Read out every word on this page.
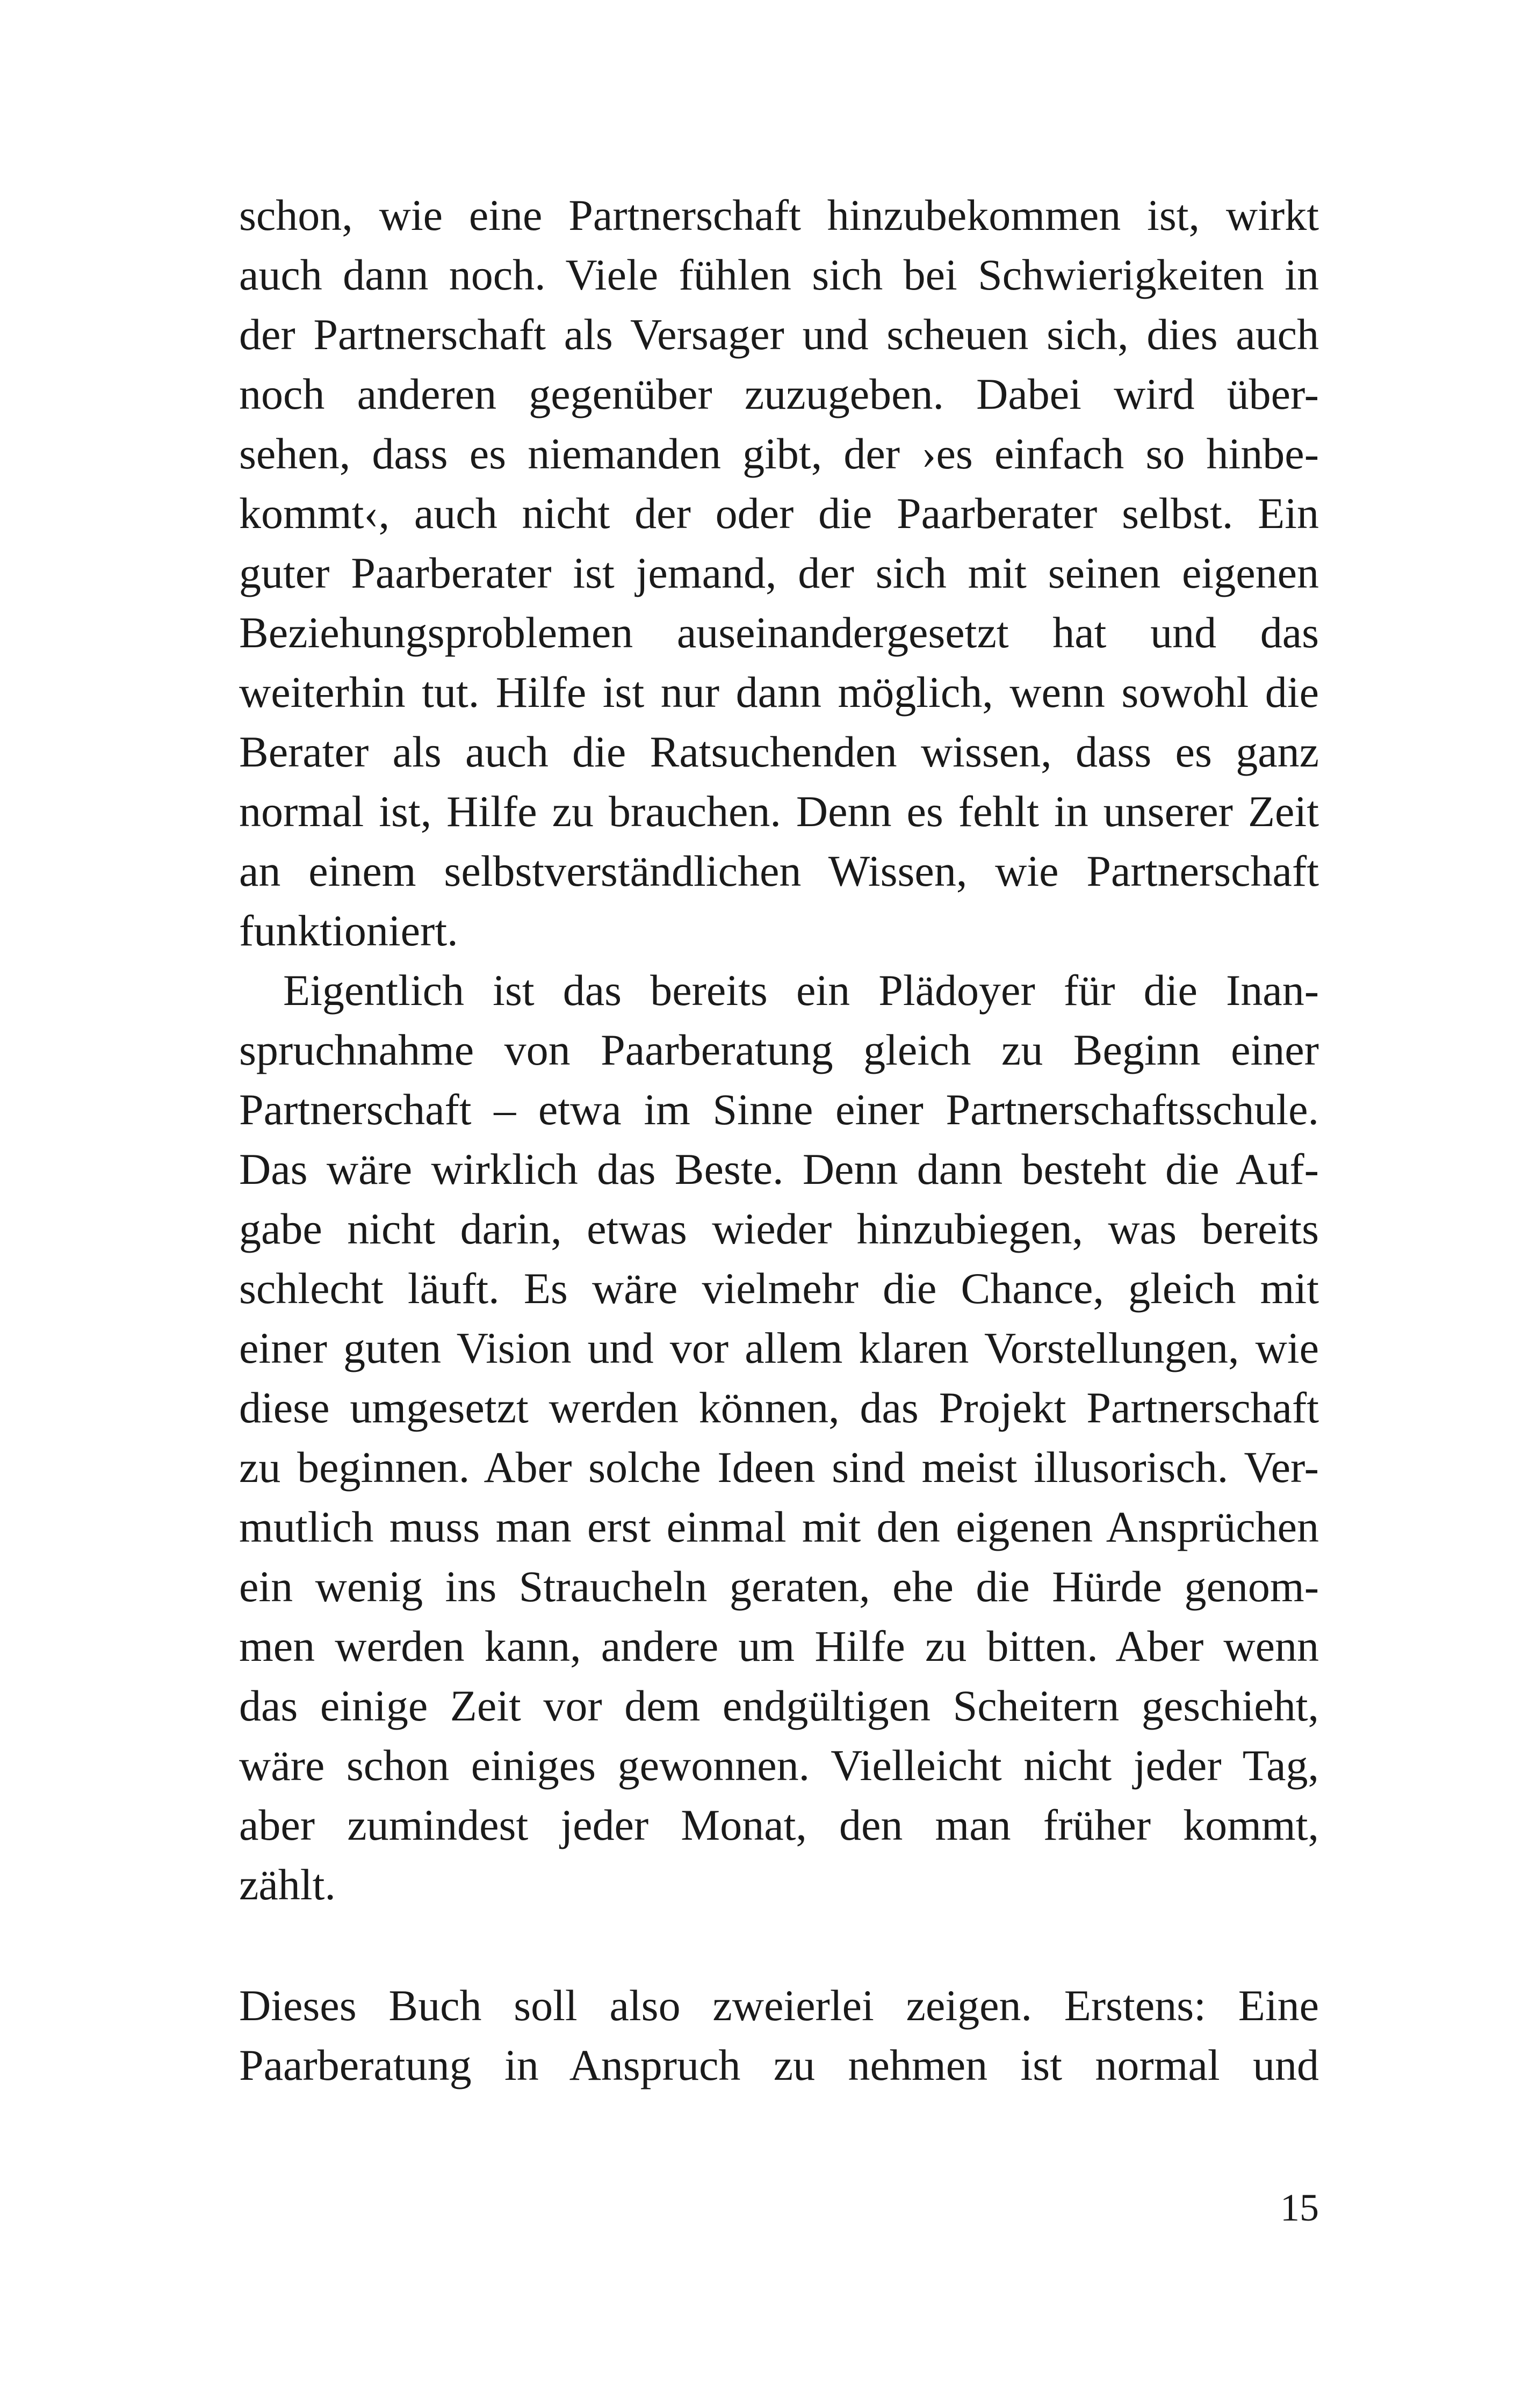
schon, wie eine Partnerschaft hinzubekommen ist, wirkt
auch dann noch. Viele fühlen sich bei Schwierigkeiten in
der Partnerschaft als Versager und scheuen sich, dies auch
noch anderen gegenüber zuzugeben. Dabei wird über-
sehen, dass es niemanden gibt, der ›es einfach so hinbe-
kommt‹, auch nicht der oder die Paarberater selbst. Ein
guter Paarberater ist jemand, der sich mit seinen eigenen
Beziehungsproblemen auseinandergesetzt hat und das
weiterhin tut. Hilfe ist nur dann möglich, wenn sowohl die
Berater als auch die Ratsuchenden wissen, dass es ganz
normal ist, Hilfe zu brauchen. Denn es fehlt in unserer Zeit
an einem selbstverständlichen Wissen, wie Partnerschaft
funktioniert.
Eigentlich ist das bereits ein Plädoyer für die Inan-
spruchnahme von Paarberatung gleich zu Beginn einer
Partnerschaft – etwa im Sinne einer Partnerschaftsschule.
Das wäre wirklich das Beste. Denn dann besteht die Auf-
gabe nicht darin, etwas wieder hinzubiegen, was bereits
schlecht läuft. Es wäre vielmehr die Chance, gleich mit
einer guten Vision und vor allem klaren Vorstellungen, wie
diese umgesetzt werden können, das Projekt Partnerschaft
zu beginnen. Aber solche Ideen sind meist illusorisch. Ver-
mutlich muss man erst einmal mit den eigenen Ansprüchen
ein wenig ins Straucheln geraten, ehe die Hürde genom-
men werden kann, andere um Hilfe zu bitten. Aber wenn
das einige Zeit vor dem endgültigen Scheitern geschieht,
wäre schon einiges gewonnen. Vielleicht nicht jeder Tag,
aber zumindest jeder Monat, den man früher kommt,
zählt.
Dieses Buch soll also zweierlei zeigen. Erstens: Eine
Paarberatung in Anspruch zu nehmen ist normal und
15
